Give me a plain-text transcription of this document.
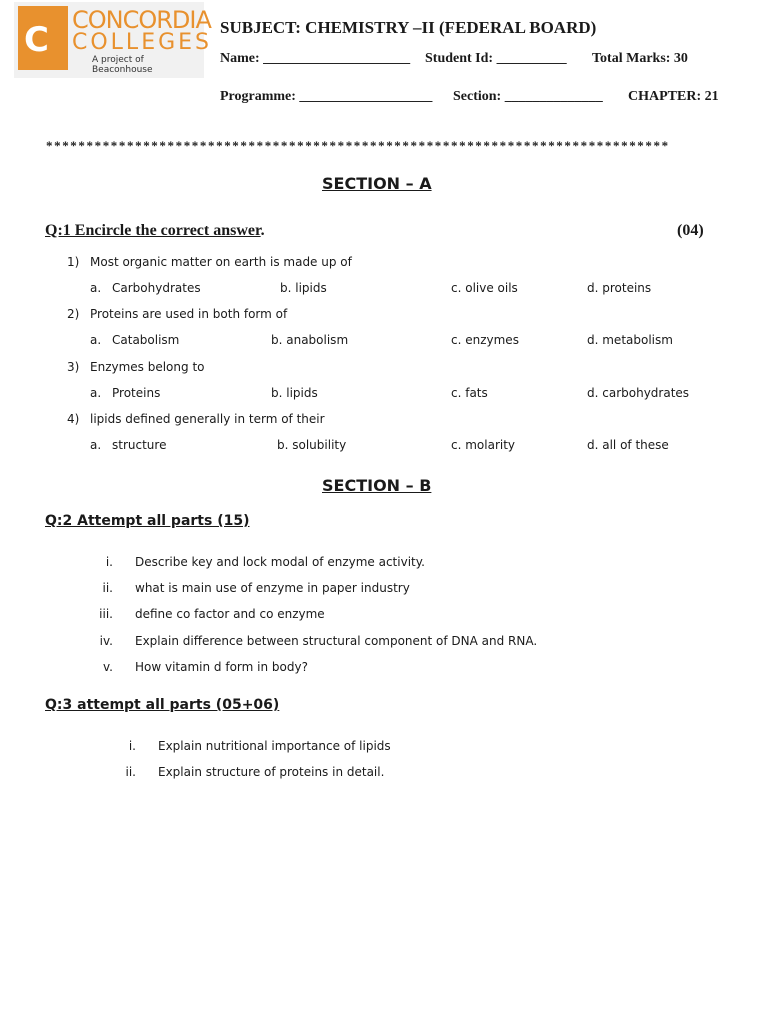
C CONCORDIA
COLLEGES
A project of Beaconhouse
SUBJECT: CHEMISTRY –II (FEDERAL BOARD)
Name: _____________________ Student Id: __________ Total Marks: 30
Programme: ___________________ Section: ______________ CHAPTER: 21
*****************************************************************************
SECTION – A
Q:1 Encircle the correct answer.	(04)
1) Most organic matter on earth is made up of
a. Carbohydrates	b. lipids	c. olive oils	d. proteins
2) Proteins are used in both form of
a. Catabolism	b. anabolism	c. enzymes	d. metabolism
3) Enzymes belong to
a. Proteins	b. lipids	c. fats	d. carbohydrates
4) lipids defined generally in term of their
a. structure	b. solubility	c. molarity	d. all of these
SECTION – B
Q:2 Attempt all parts (15)
i. Describe key and lock modal of enzyme activity.
ii. what is main use of enzyme in paper industry
iii. define co factor and co enzyme
iv. Explain difference between structural component of DNA and RNA.
v. How vitamin d form in body?
Q:3 attempt all parts (05+06)
i. Explain nutritional importance of lipids
ii. Explain structure of proteins in detail.
